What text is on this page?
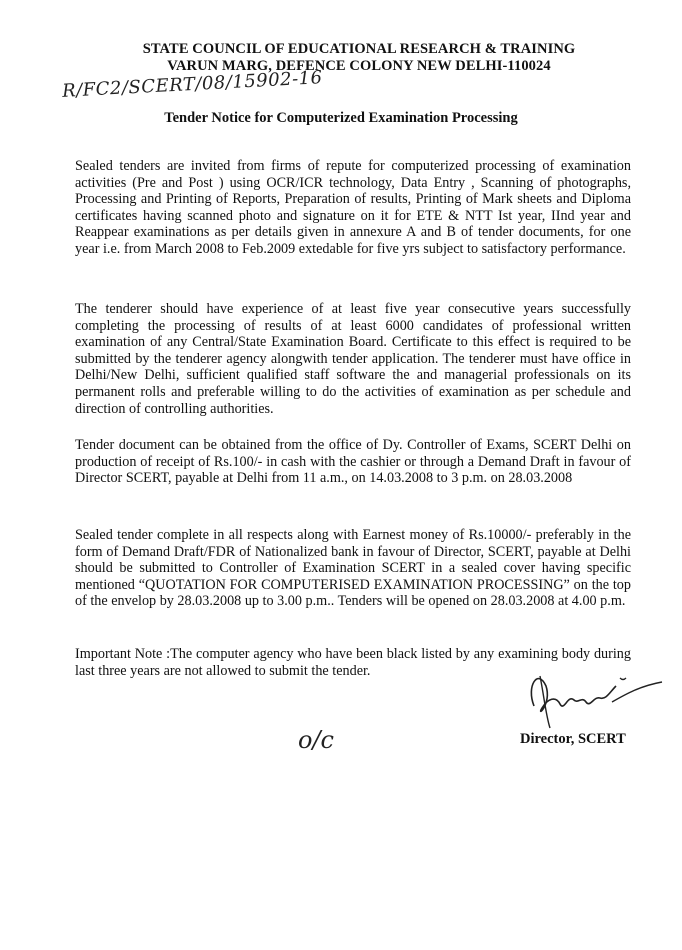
STATE COUNCIL OF EDUCATIONAL RESEARCH & TRAINING
VARUN MARG, DEFENCE COLONY NEW DELHI-110024
R/FC2/SCERT/08/15902-16
Tender Notice for Computerized Examination Processing

Sealed tenders are invited from firms of repute for computerized processing of examination activities (Pre and Post ) using OCR/ICR technology, Data Entry , Scanning of photographs, Processing and Printing of Reports, Preparation of results, Printing of Mark sheets and Diploma certificates having scanned photo and signature on it for ETE & NTT Ist year, IInd year and Reappear examinations as per details given in annexure A and B of tender documents, for one year i.e. from March 2008 to Feb.2009 extedable for five yrs subject to satisfactory performance.

The tenderer should have experience of at least five year consecutive years successfully completing the processing of results of at least 6000 candidates of professional written examination of any Central/State Examination Board. Certificate to this effect is required to be submitted by the tenderer agency alongwith tender application. The tenderer must have office in Delhi/New Delhi, sufficient qualified staff software the and managerial professionals on its permanent rolls and preferable willing to do the activities of examination as per schedule and direction of controlling authorities.

Tender document can be obtained from the office of Dy. Controller of Exams, SCERT Delhi on production of receipt of Rs.100/- in cash with the cashier or through a Demand Draft in favour of Director SCERT, payable at Delhi from 11 a.m., on 14.03.2008 to 3 p.m. on 28.03.2008

Sealed tender complete in all respects along with Earnest money of Rs.10000/- preferably in the form of Demand Draft/FDR of Nationalized bank in favour of Director, SCERT, payable at Delhi should be submitted to Controller of Examination SCERT in a sealed cover having specific mentioned “QUOTATION FOR COMPUTERISED EXAMINATION PROCESSING” on the top of the envelop by 28.03.2008 up to 3.00 p.m.. Tenders will be opened on 28.03.2008 at 4.00 p.m.

Important Note :The computer agency who have been black listed by any examining body during last three years are not allowed to submit the tender.

Director, SCERT
o/c
